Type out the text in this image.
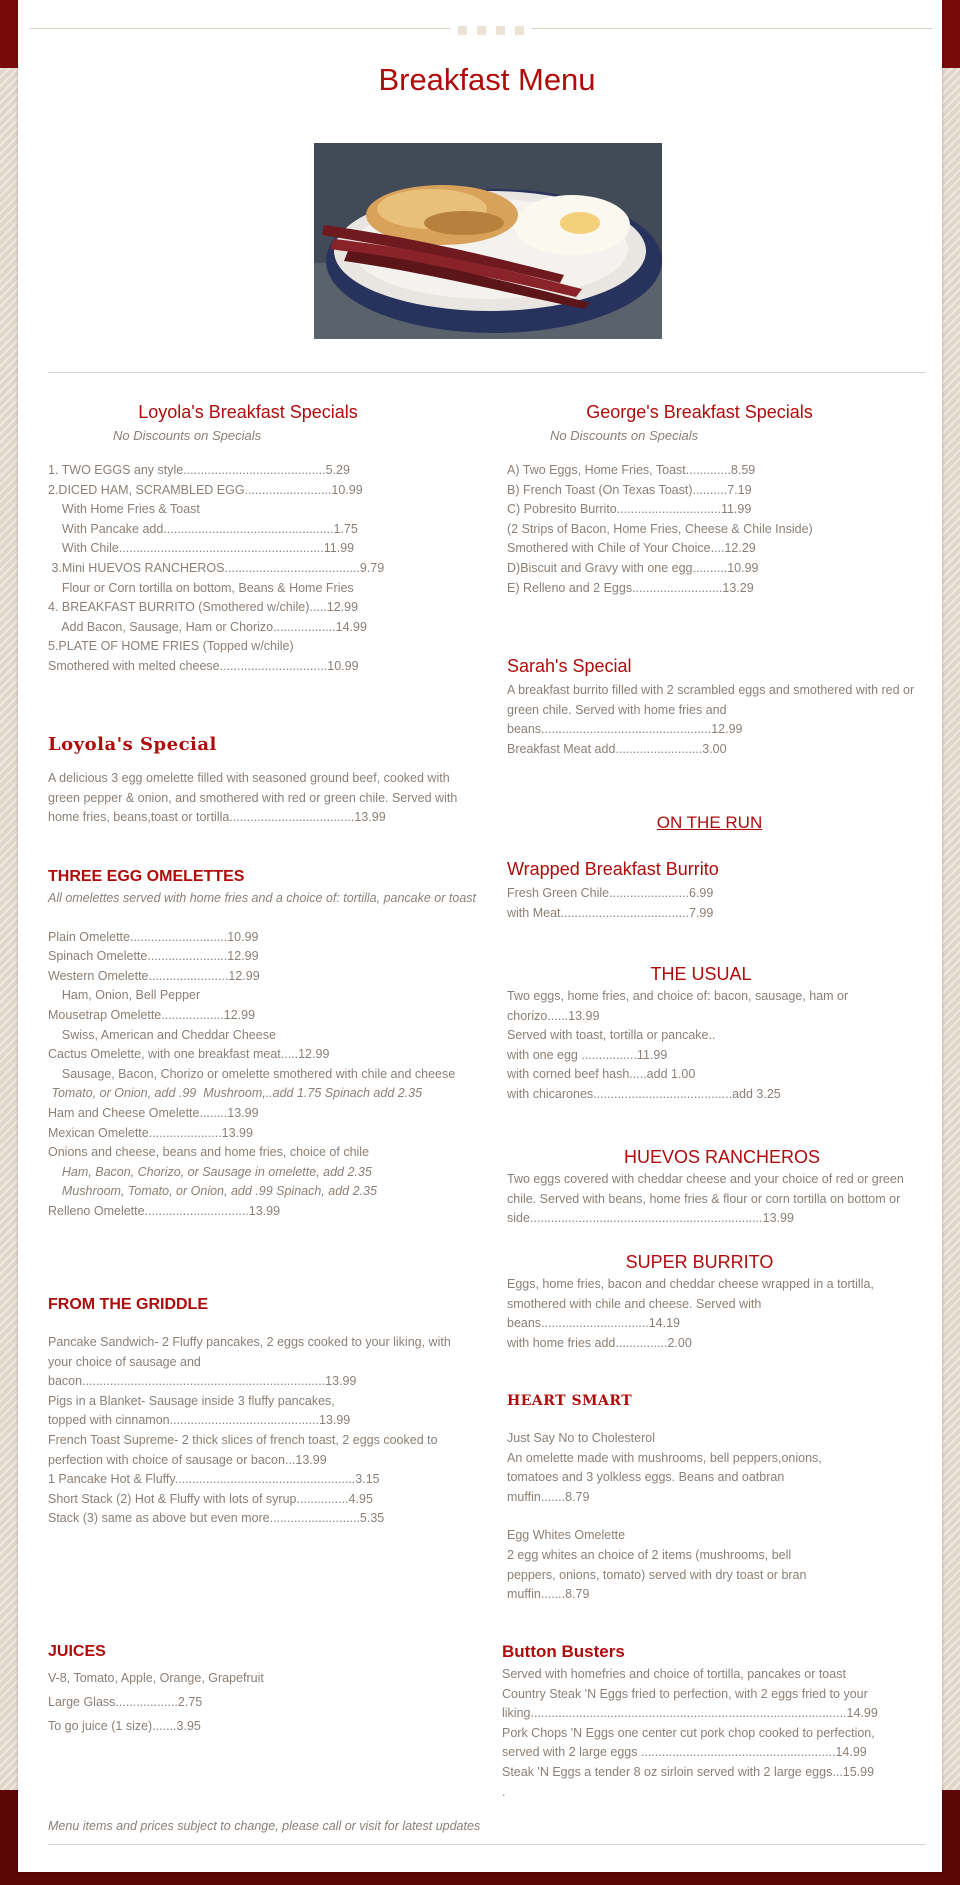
Breakfast Menu
Loyola's Breakfast Specials
No Discounts on Specials
1. TWO EGGS any style.........................................5.29
2.DICED HAM, SCRAMBLED EGG.........................10.99
With Home Fries & Toast
With Pancake add.................................................1.75
With Chile...........................................................11.99
3.Mini HUEVOS RANCHEROS.......................................9.79
Flour or Corn tortilla on bottom, Beans & Home Fries
4. BREAKFAST BURRITO (Smothered w/chile).....12.99
Add Bacon, Sausage, Ham or Chorizo..................14.99
5.PLATE OF HOME FRIES (Topped w/chile)
Smothered with melted cheese...............................10.99
Loyola's Special
A delicious 3 egg omelette filled with seasoned ground beef, cooked with green pepper & onion, and smothered with red or green chile. Served with home fries, beans,toast or tortilla....................................13.99
THREE EGG OMELETTES
All omelettes served with home fries and a choice of: tortilla, pancake or toast
Plain Omelette............................10.99
Spinach Omelette.......................12.99
Western Omelette.......................12.99
Ham, Onion, Bell Pepper
Mousetrap Omelette..................12.99
Swiss, American and Cheddar Cheese
Cactus Omelette, with one breakfast meat.....12.99
Sausage, Bacon, Chorizo or omelette smothered with chile and cheese
Tomato, or Onion, add .99  Mushroom,..add 1.75 Spinach add 2.35
Ham and Cheese Omelette........13.99
Mexican Omelette.....................13.99
Onions and cheese, beans and home fries, choice of chile
Ham, Bacon, Chorizo, or Sausage in omelette, add 2.35
Mushroom, Tomato, or Onion, add .99 Spinach, add 2.35
Relleno Omelette..............................13.99
FROM THE GRIDDLE
Pancake Sandwich- 2 Fluffy pancakes, 2 eggs cooked to your liking, with your choice of sausage and bacon......................................................................13.99
Pigs in a Blanket- Sausage inside 3 fluffy pancakes,
topped with cinnamon...........................................13.99
French Toast Supreme- 2 thick slices of french toast, 2 eggs cooked to perfection with choice of sausage or bacon...13.99
1 Pancake Hot & Fluffy....................................................3.15
Short Stack (2) Hot & Fluffy with lots of syrup...............4.95
Stack (3) same as above but even more..........................5.35
JUICES
V-8, Tomato, Apple, Orange, Grapefruit
Large Glass..................2.75
To go juice (1 size).......3.95
George's Breakfast Specials
No Discounts on Specials
A) Two Eggs, Home Fries, Toast.............8.59
B) French Toast (On Texas Toast)..........7.19
C) Pobresito Burrito..............................11.99
(2 Strips of Bacon, Home Fries, Cheese & Chile Inside)
Smothered with Chile of Your Choice....12.29
D)Biscuit and Gravy with one egg..........10.99
E) Relleno and 2 Eggs..........................13.29
Sarah's Special
A breakfast burrito filled with 2 scrambled eggs and smothered with red or green chile. Served with home fries and beans.................................................12.99
Breakfast Meat add.........................3.00
ON THE RUN
Wrapped Breakfast Burrito
Fresh Green Chile.......................6.99
with Meat.....................................7.99
THE USUAL
Two eggs, home fries, and choice of: bacon, sausage, ham or chorizo......13.99
Served with toast, tortilla or pancake..
with one egg ................11.99
with corned beef hash.....add 1.00
with chicarones........................................add 3.25
HUEVOS RANCHEROS
Two eggs covered with cheddar cheese and your choice of red or green chile. Served with beans, home fries & flour or corn tortilla on bottom or side...................................................................13.99
SUPER BURRITO
Eggs, home fries, bacon and cheddar cheese wrapped in a tortilla, smothered with chile and cheese. Served with beans...............................14.19
with home fries add...............2.00
HEART SMART
Just Say No to Cholesterol
An omelette made with mushrooms, bell peppers,onions, tomatoes and 3 yolkless eggs. Beans and oatbran muffin.......8.79
Egg Whites Omelette
2 egg whites an choice of 2 items (mushrooms, bell peppers, onions, tomato) served with dry toast or bran muffin.......8.79
Button Busters
Served with homefries and choice of tortilla, pancakes or toast
Country Steak 'N Eggs fried to perfection, with 2 eggs fried to your liking...........................................................................................14.99
Pork Chops 'N Eggs one center cut pork chop cooked to perfection, served with 2 large eggs ........................................................14.99
Steak 'N Eggs a tender 8 oz sirloin served with 2 large eggs...15.99
.
Menu items and prices subject to change, please call or visit for latest updates
